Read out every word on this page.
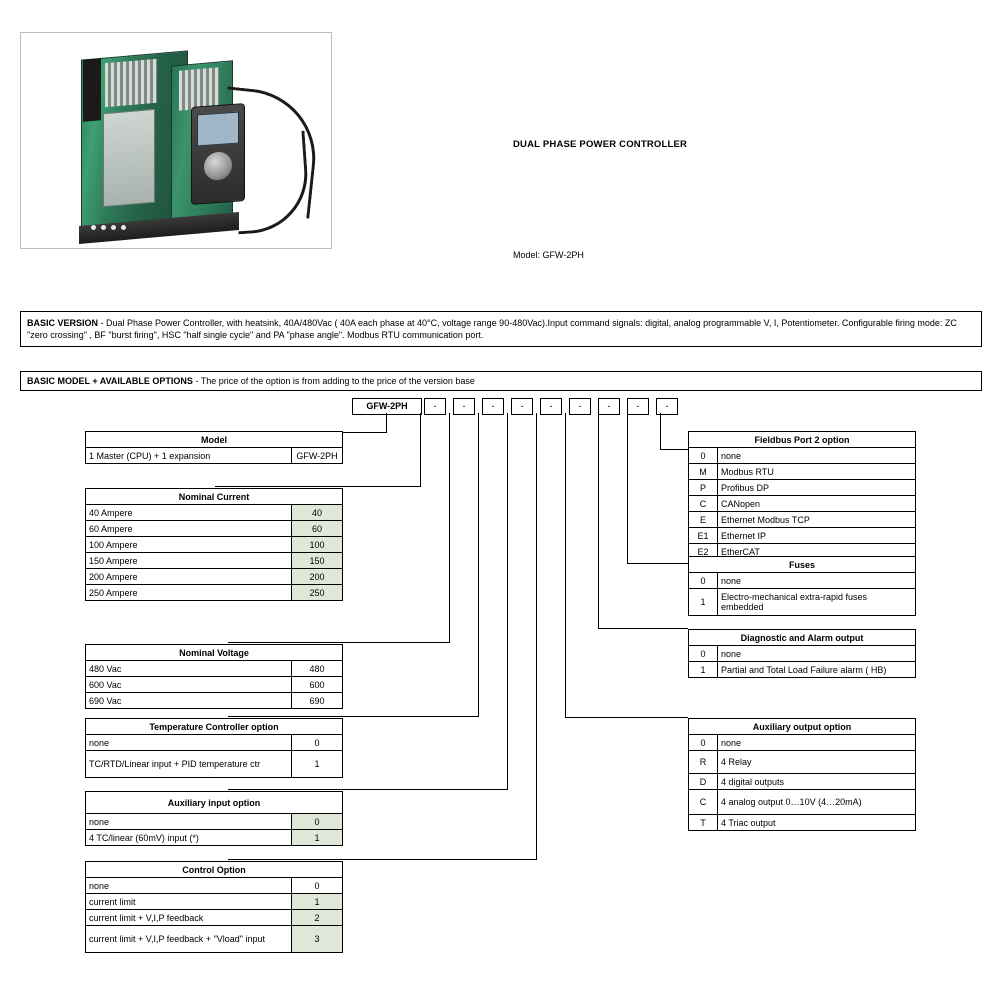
DUAL PHASE POWER CONTROLLER
Model: GFW-2PH
BASIC VERSION - Dual Phase Power Controller, with heatsink, 40A/480Vac ( 40A each phase at 40°C, voltage range 90-480Vac).Input command signals: digital, analog programmable V, I, Potentiometer. Configurable firing mode: ZC "zero crossing" , BF "burst firing", HSC "half single cycle" and PA "phase angle". Modbus RTU communication port.
BASIC MODEL + AVAILABLE OPTIONS - The price of the option is from adding to the price of the version base
GFW-2PH	-	-	-	-	-	-	-	-	-
Model
1 Master (CPU) + 1 expansion	GFW-2PH
Nominal Current	
40 Ampere	40
60 Ampere	60
100 Ampere	100
150 Ampere	150
200 Ampere	200
250 Ampere	250
Nominal Voltage	
480 Vac	480
600 Vac	600
690 Vac	690
Temperature Controller option	
none	0
TC/RTD/Linear input + PID temperature ctr	1
Auxiliary input option	
none	0
4 TC/linear (60mV) input (*)	1
Control Option	
none	0
current limit	1
current limit + V,I,P feedback	2
current limit + V,I,P feedback + "Vload" input	3
Fieldbus Port 2 option	
0	none
M	Modbus RTU
P	Profibus DP
C	CANopen
E	Ethernet Modbus TCP
E1	Ethernet IP
E2	EtherCAT
Fuses	
0	none
1	Electro-mechanical extra-rapid fuses embedded
Diagnostic and Alarm output	
0	none
1	Partial and Total Load Failure alarm ( HB)
Auxiliary output option	
0	none
R	4 Relay
D	4 digital outputs
C	4 analog output 0…10V (4…20mA)
T	4 Triac output
